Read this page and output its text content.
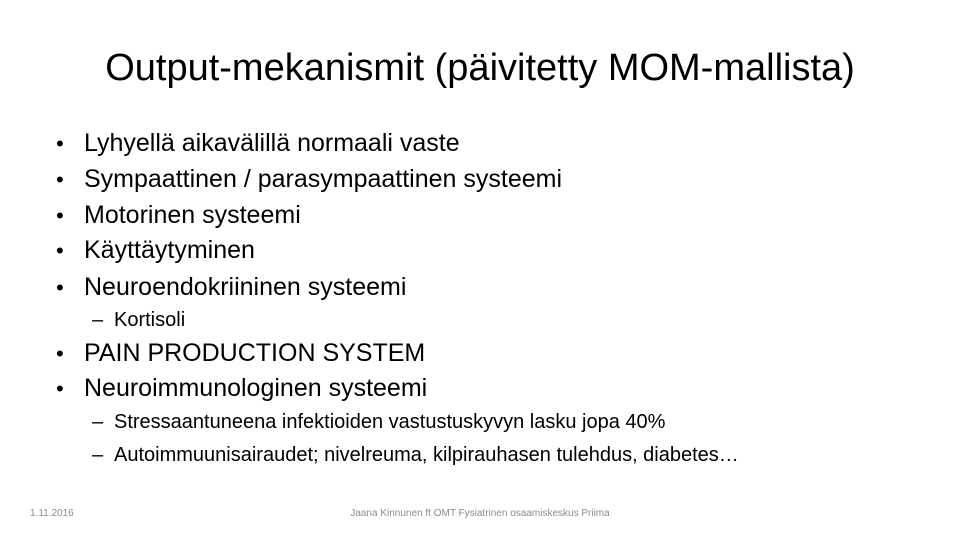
Output-mekanismit (päivitetty MOM-mallista)
• Lyhyellä aikavälillä normaali vaste
• Sympaattinen / parasympaattinen systeemi
• Motorinen systeemi
• Käyttäytyminen
• Neuroendokriininen systeemi
– Kortisoli
• PAIN PRODUCTION SYSTEM
• Neuroimmunologinen systeemi
– Stressaantuneena infektioiden vastustuskyvyn lasku jopa 40%
– Autoimmuunisairaudet; nivelreuma, kilpirauhasen tulehdus, diabetes…
1.11.2016	Jaana Kinnunen ft OMT Fysiatrinen osaamiskeskus Priima
